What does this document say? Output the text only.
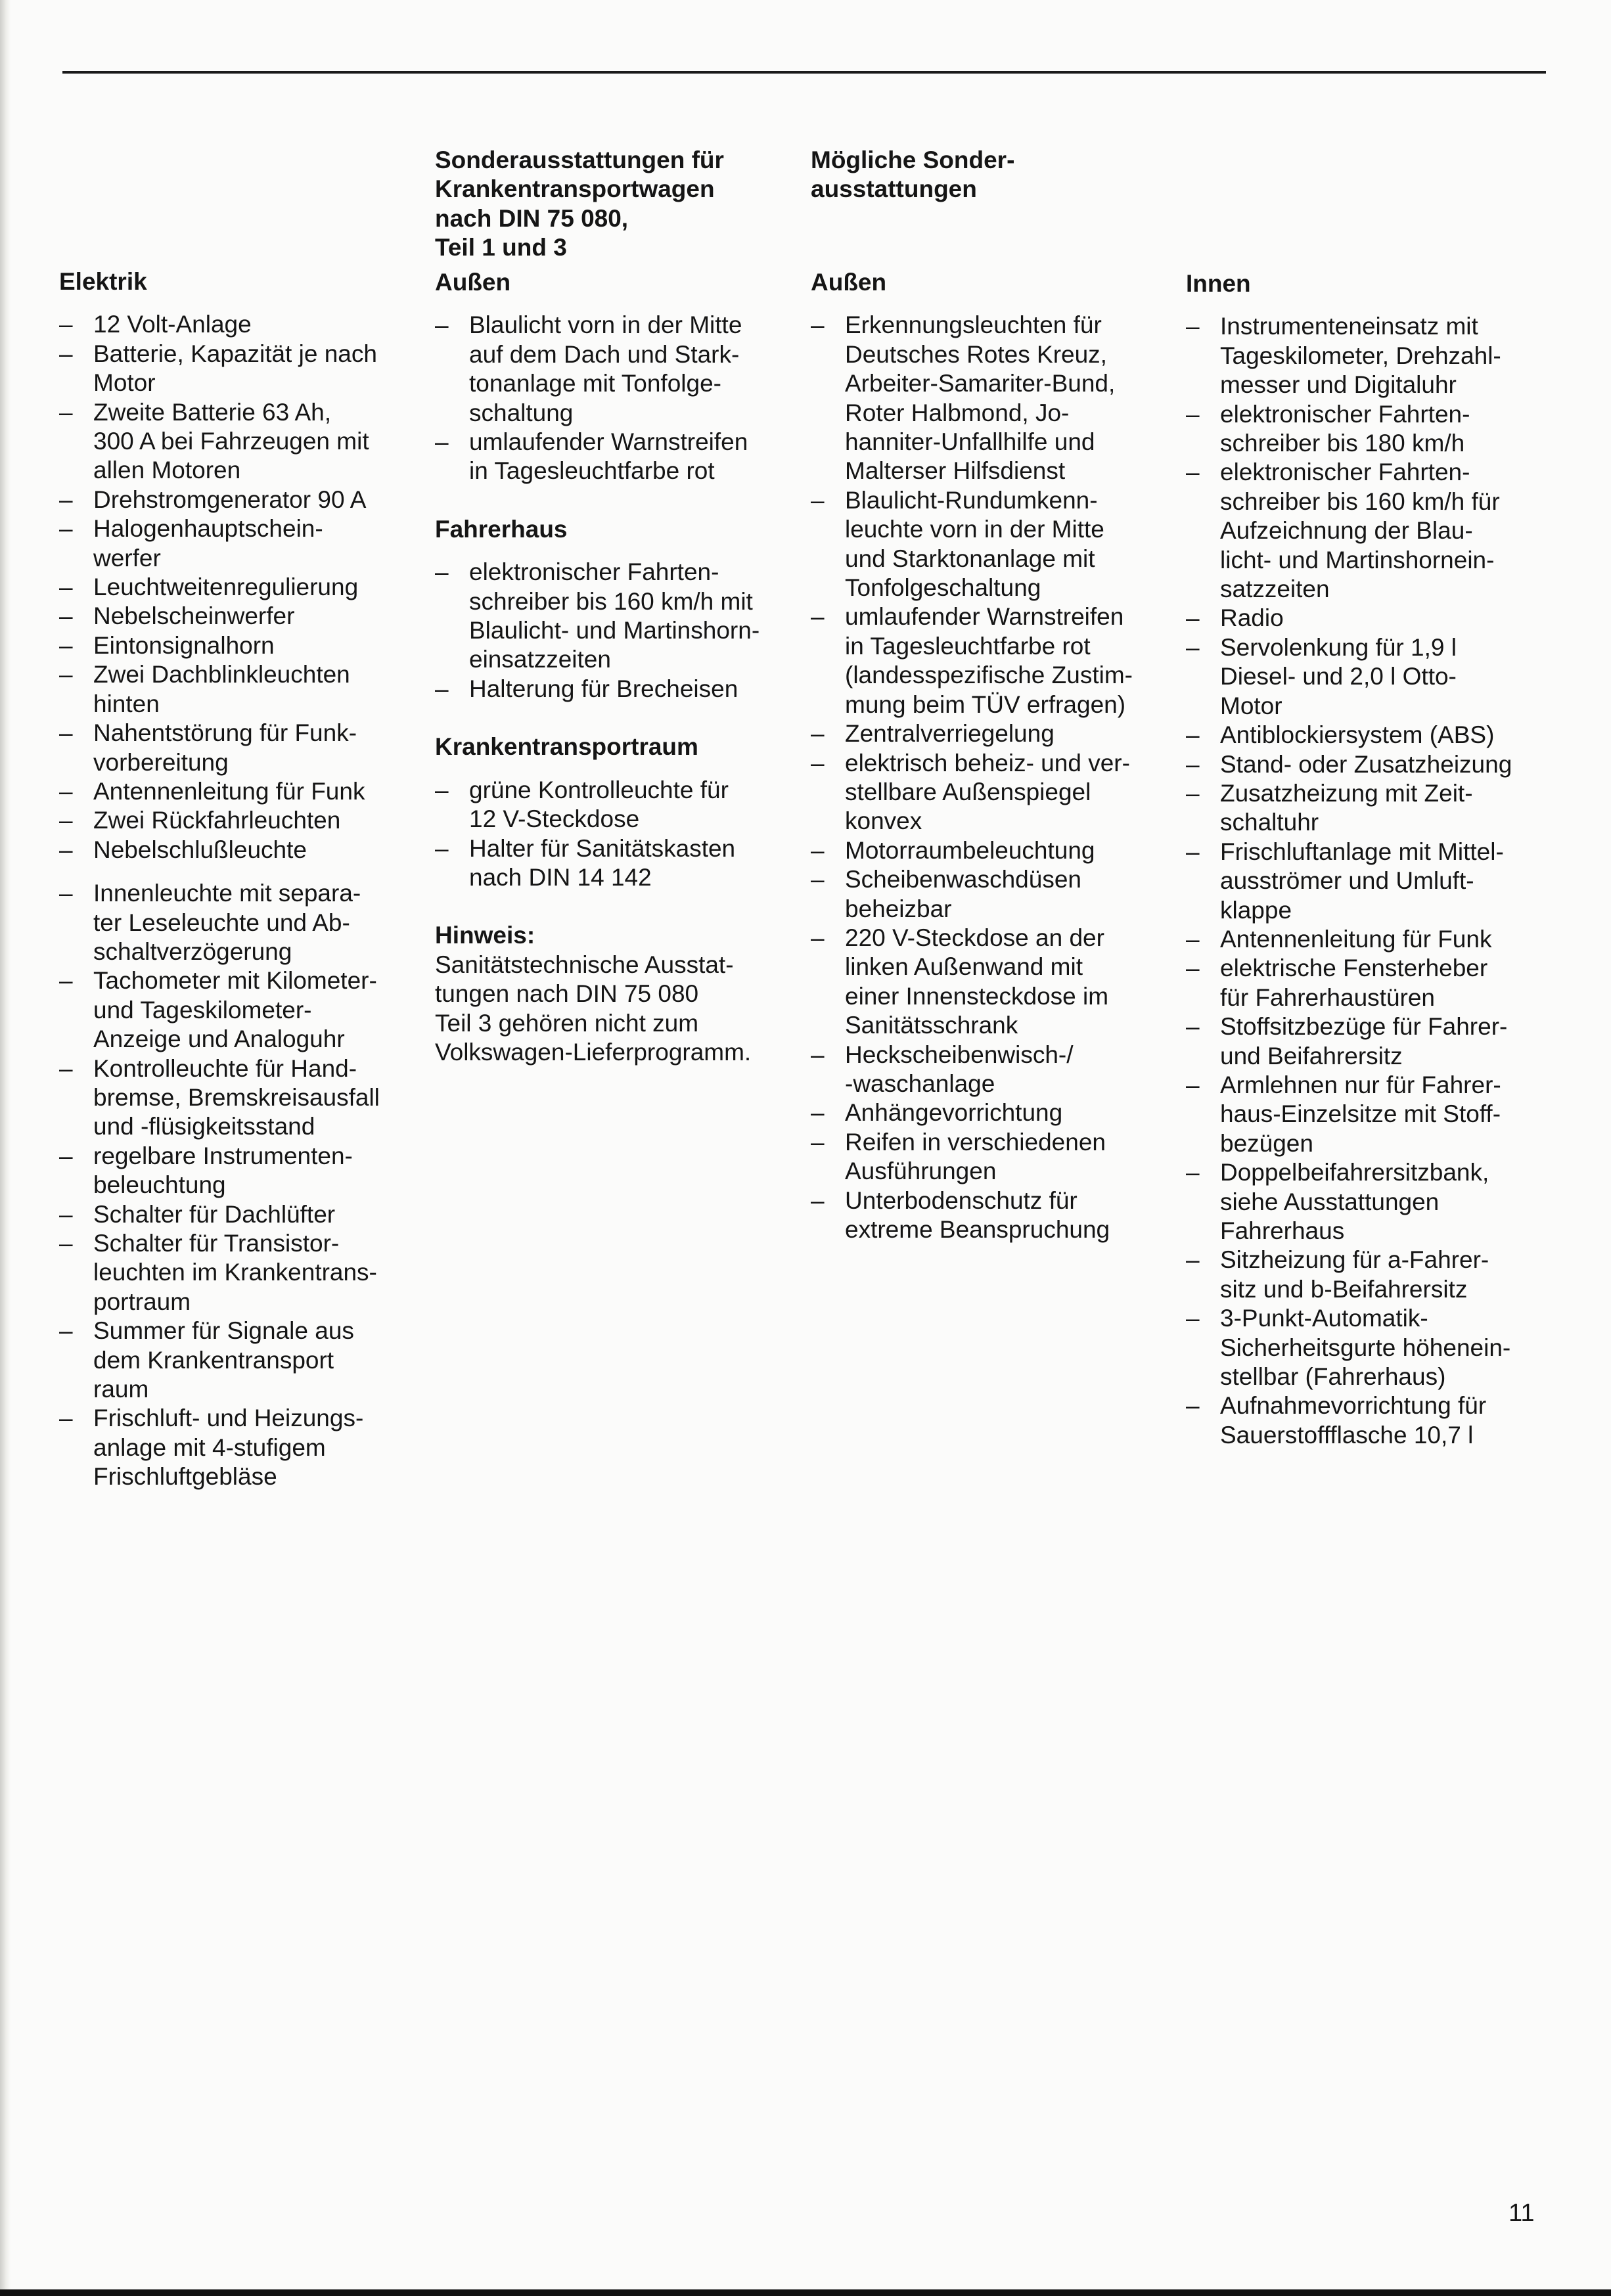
Elektrik
– 12 Volt-Anlage
– Batterie, Kapazität je nach
Motor
– Zweite Batterie 63 Ah,
300 A bei Fahrzeugen mit
allen Motoren
– Drehstromgenerator 90 A
– Halogenhauptschein-
werfer
– Leuchtweitenregulierung
– Nebelscheinwerfer
– Eintonsignalhorn
– Zwei Dachblinkleuchten
hinten
– Nahentstörung für Funk-
vorbereitung
– Antennenleitung für Funk
– Zwei Rückfahrleuchten
– Nebelschlußleuchte
– Innenleuchte mit separa-
ter Leseleuchte und Ab-
schaltverzögerung
– Tachometer mit Kilometer-
und Tageskilometer-
Anzeige und Analoguhr
– Kontrolleuchte für Hand-
bremse, Bremskreisausfall
und -flüsigkeitsstand
– regelbare Instrumenten-
beleuchtung
– Schalter für Dachlüfter
– Schalter für Transistor-
leuchten im Krankentrans-
portraum
– Summer für Signale aus
dem Krankentransport
raum
– Frischluft- und Heizungs-
anlage mit 4-stufigem
Frischluftgebläse
Sonderausstattungen für
Krankentransportwagen
nach DIN 75 080,
Teil 1 und 3
Außen
– Blaulicht vorn in der Mitte
auf dem Dach und Stark-
tonanlage mit Tonfolge-
schaltung
– umlaufender Warnstreifen
in Tagesleuchtfarbe rot
Fahrerhaus
– elektronischer Fahrten-
schreiber bis 160 km/h mit
Blaulicht- und Martinshorn-
einsatzzeiten
– Halterung für Brecheisen
Krankentransportraum
– grüne Kontrolleuchte für
12 V-Steckdose
– Halter für Sanitätskasten
nach DIN 14 142
Hinweis:
Sanitätstechnische Ausstat-
tungen nach DIN 75 080
Teil 3 gehören nicht zum
Volkswagen-Lieferprogramm.
Mögliche Sonder-
ausstattungen
Außen
– Erkennungsleuchten für
Deutsches Rotes Kreuz,
Arbeiter-Samariter-Bund,
Roter Halbmond, Jo-
hanniter-Unfallhilfe und
Malterser Hilfsdienst
– Blaulicht-Rundumkenn-
leuchte vorn in der Mitte
und Starktonanlage mit
Tonfolgeschaltung
– umlaufender Warnstreifen
in Tagesleuchtfarbe rot
(landesspezifische Zustim-
mung beim TÜV erfragen)
– Zentralverriegelung
– elektrisch beheiz- und ver-
stellbare Außenspiegel
konvex
– Motorraumbeleuchtung
– Scheibenwaschdüsen
beheizbar
– 220 V-Steckdose an der
linken Außenwand mit
einer Innensteckdose im
Sanitätsschrank
– Heckscheibenwisch-/
-waschanlage
– Anhängevorrichtung
– Reifen in verschiedenen
Ausführungen
– Unterbodenschutz für
extreme Beanspruchung
Innen
– Instrumenteneinsatz mit
Tageskilometer, Drehzahl-
messer und Digitaluhr
– elektronischer Fahrten-
schreiber bis 180 km/h
– elektronischer Fahrten-
schreiber bis 160 km/h für
Aufzeichnung der Blau-
licht- und Martinshornein-
satzzeiten
– Radio
– Servolenkung für 1,9 l
Diesel- und 2,0 l Otto-
Motor
– Antiblockiersystem (ABS)
– Stand- oder Zusatzheizung
– Zusatzheizung mit Zeit-
schaltuhr
– Frischluftanlage mit Mittel-
ausströmer und Umluft-
klappe
– Antennenleitung für Funk
– elektrische Fensterheber
für Fahrerhaustüren
– Stoffsitzbezüge für Fahrer-
und Beifahrersitz
– Armlehnen nur für Fahrer-
haus-Einzelsitze mit Stoff-
bezügen
– Doppelbeifahrersitzbank,
siehe Ausstattungen
Fahrerhaus
– Sitzheizung für a-Fahrer-
sitz und b-Beifahrersitz
– 3-Punkt-Automatik-
Sicherheitsgurte höhenein-
stellbar (Fahrerhaus)
– Aufnahmevorrichtung für
Sauerstoffflasche 10,7 l
11
